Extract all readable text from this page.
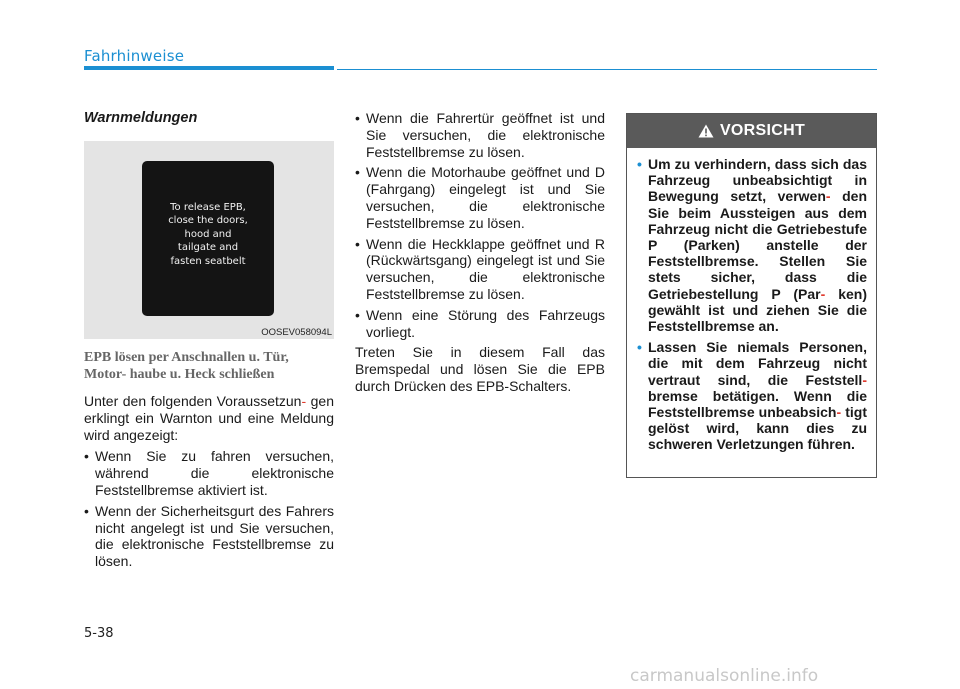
Fahrhinweise
Warnmeldungen
To release EPB,
close the doors,
hood and
tailgate and
fasten seatbelt
OOSEV058094L
EPB lösen per Anschnallen u. Tür, Motor- haube u. Heck schließen

Unter den folgenden Voraussetzun- gen erklingt ein Warnton und eine Meldung wird angezeigt:

• Wenn Sie zu fahren versuchen, während die elektronische Feststellbremse aktiviert ist.
• Wenn der Sicherheitsgurt des Fahrers nicht angelegt ist und Sie versuchen, die elektronische Feststellbremse zu lösen.
• Wenn die Fahrertür geöffnet ist und Sie versuchen, die elektronische Feststellbremse zu lösen.
• Wenn die Motorhaube geöffnet und D (Fahrgang) eingelegt ist und Sie versuchen, die elektronische Feststellbremse zu lösen.
• Wenn die Heckklappe geöffnet und R (Rückwärtsgang) eingelegt ist und Sie versuchen, die elektronische Feststellbremse zu lösen.
• Wenn eine Störung des Fahrzeugs vorliegt.

Treten Sie in diesem Fall das Bremspedal und lösen Sie die EPB durch Drücken des EPB-Schalters.

VORSICHT
• Um zu verhindern, dass sich das Fahrzeug unbeabsichtigt in Bewegung setzt, verwen- den Sie beim Aussteigen aus dem Fahrzeug nicht die Getriebestufe P (Parken) anstelle der Feststellbremse. Stellen Sie stets sicher, dass die Getriebestellung P (Par- ken) gewählt ist und ziehen Sie die Feststellbremse an.
• Lassen Sie niemals Personen, die mit dem Fahrzeug nicht vertraut sind, die Feststell- bremse betätigen. Wenn die Feststellbremse unbeabsich- tigt gelöst wird, kann dies zu schweren Verletzungen führen.
5-38
carmanualsonline.info
